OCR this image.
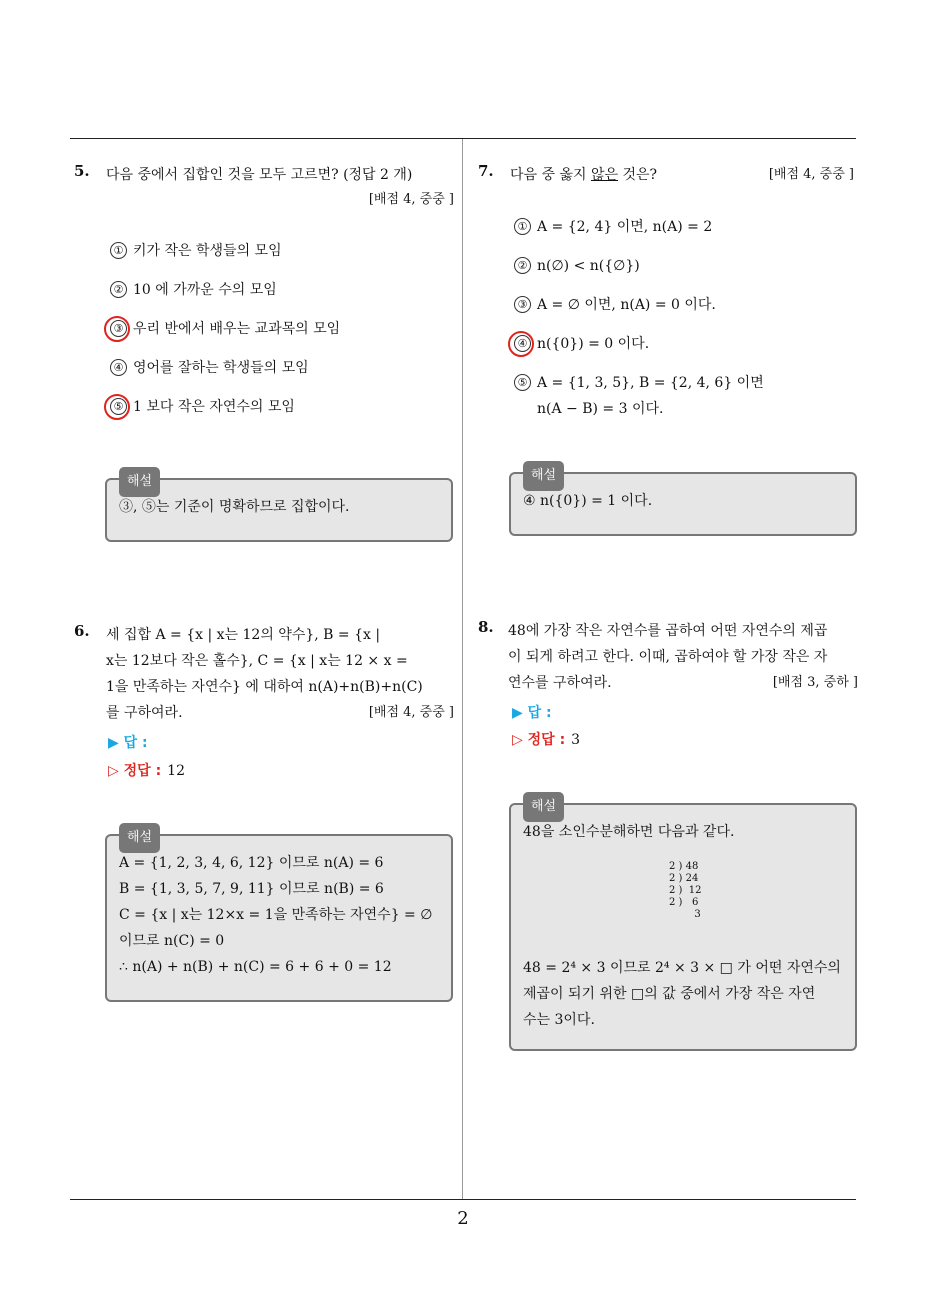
5.	다음 중에서 집합인 것을 모두 고르면? (정답 2 개)
[배점 4, 중중 ]
① 키가 작은 학생들의 모임
② 10 에 가까운 수의 모임
③ 우리 반에서 배우는 교과목의 모임
④ 영어를 잘하는 학생들의 모임
⑤ 1 보다 작은 자연수의 모임
해설
③, ⑤는 기준이 명확하므로 집합이다.
6.	세 집합 A = {x | x는 12의 약수}, B = {x |
x는 12보다 작은 홀수}, C = {x | x는 12 × x =
1을 만족하는 자연수} 에 대하여 n(A)+n(B)+n(C)
를 구하여라.	[배점 4, 중중 ]
▶ 답 :
▷ 정답 : 12
해설
A = {1, 2, 3, 4, 6, 12} 이므로 n(A) = 6
B = {1, 3, 5, 7, 9, 11} 이므로 n(B) = 6
C = {x | x는 12×x = 1을 만족하는 자연수} = ∅
이므로 n(C) = 0
∴ n(A) + n(B) + n(C) = 6 + 6 + 0 = 12
7.	다음 중 옳지 않은 것은?	[배점 4, 중중 ]
① A = {2, 4} 이면, n(A) = 2
② n(∅) < n({∅})
③ A = ∅ 이면, n(A) = 0 이다.
④ n({0}) = 0 이다.
⑤ A = {1, 3, 5}, B = {2, 4, 6} 이면
n(A − B) = 3 이다.
해설
④ n({0}) = 1 이다.
8.	48에 가장 작은 자연수를 곱하여 어떤 자연수의 제곱
이 되게 하려고 한다. 이때, 곱하여야 할 가장 작은 자
연수를 구하여라.	[배점 3, 중하 ]
▶ 답 :
▷ 정답 : 3
해설
48을 소인수분해하면 다음과 같다.
2 ) 48
2 ) 24
2 )  12
2 )   6
3
48 = 2⁴ × 3 이므로 2⁴ × 3 × □ 가 어떤 자연수의
제곱이 되기 위한 □의 값 중에서 가장 작은 자연
수는 3이다.
2
